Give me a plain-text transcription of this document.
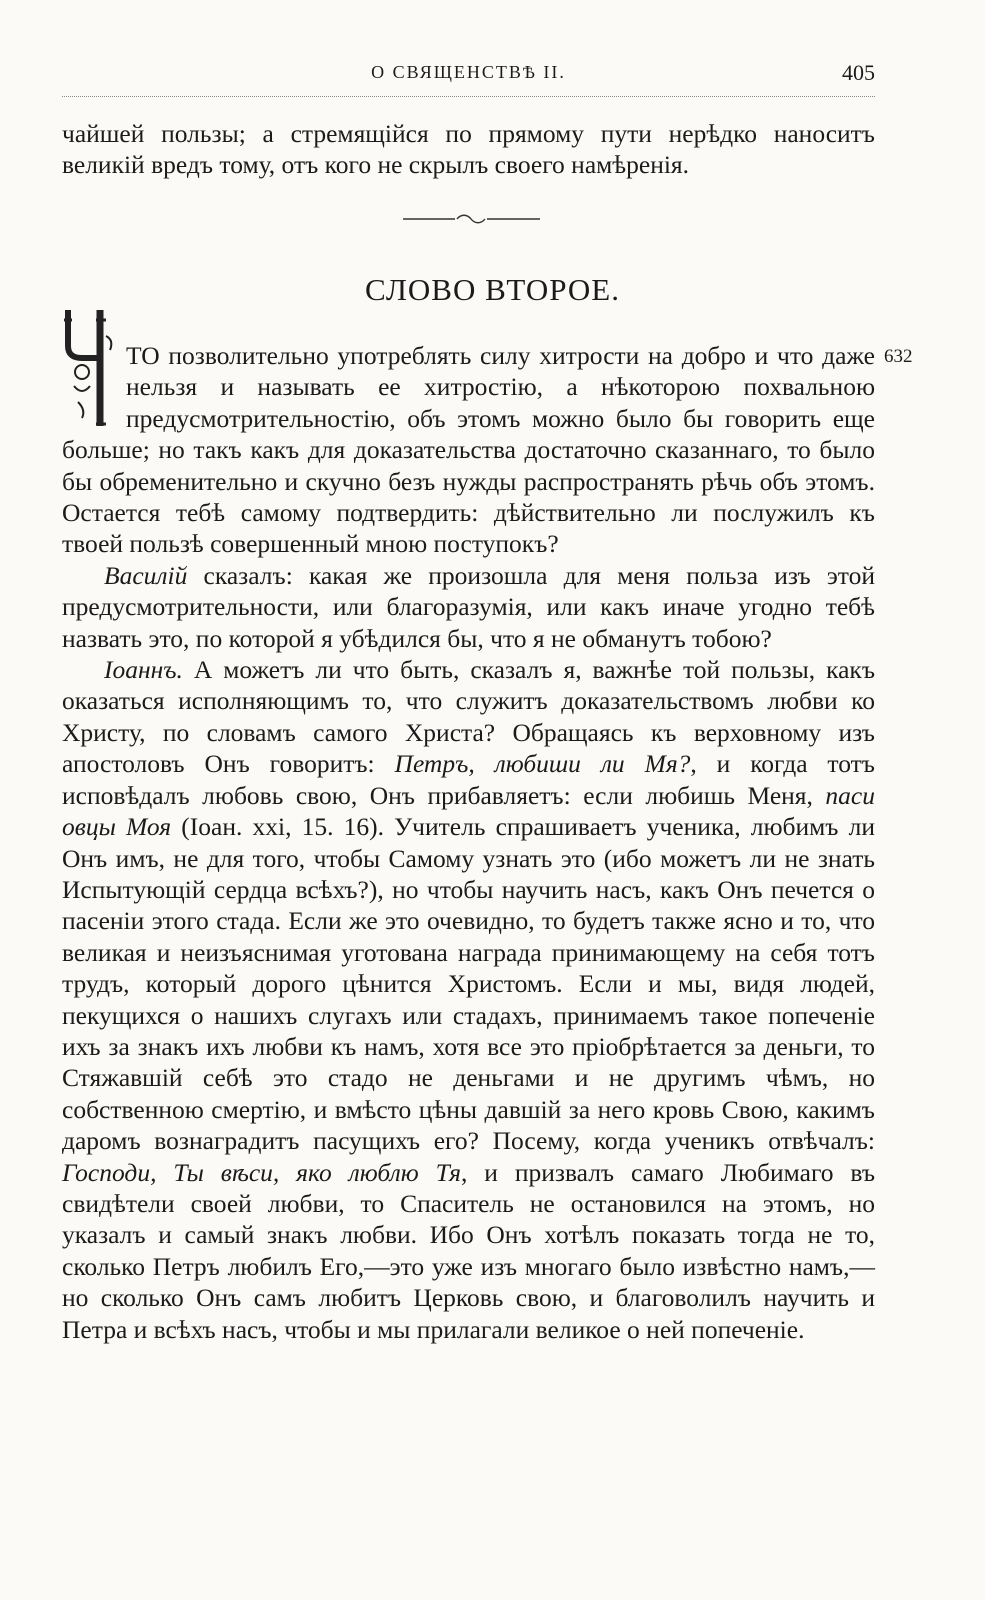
О СВЯЩЕНСТВѢ II.	405

чайшей пользы; а стремящійся по прямому пути нерѣдко наноситъ великій вредъ тому, отъ кого не скрылъ своего намѣренія.

СЛОВО ВТОРОЕ.
632

ТО позволительно употреблять силу хитрости на добро и что даже нельзя и называть ее хитростію, а нѣкоторою похвальною предусмотрительностію, объ этомъ можно было бы говорить еще больше; но такъ какъ для доказательства достаточно сказаннаго, то было бы обременительно и скучно безъ нужды распространять рѣчь объ этомъ. Остается тебѣ самому подтвердить: дѣйствительно ли послужилъ къ твоей пользѣ совершенный мною поступокъ?

Василій сказалъ: какая же произошла для меня польза изъ этой предусмотрительности, или благоразумія, или какъ иначе угодно тебѣ назвать это, по которой я убѣдился бы, что я не обманутъ тобою?

Іоаннъ. А можетъ ли что быть, сказалъ я, важнѣе той пользы, какъ оказаться исполняющимъ то, что служитъ доказательствомъ любви ко Христу, по словамъ самого Христа? Обращаясь къ верховному изъ апостоловъ Онъ говоритъ: Петръ, любиши ли Мя?, и когда тотъ исповѣдалъ любовь свою, Онъ прибавляетъ: если любишь Меня, паси овцы Моя (Іоан. xxi, 15. 16). Учитель спрашиваетъ ученика, любимъ ли Онъ имъ, не для того, чтобы Самому узнать это (ибо можетъ ли не знать Испытующій сердца всѣхъ?), но чтобы научить насъ, какъ Онъ печется о пасеніи этого стада. Если же это очевидно, то будетъ также ясно и то, что великая и неизъяснимая уготована награда принимающему на себя тотъ трудъ, который дорого цѣнится Христомъ. Если и мы, видя людей, пекущихся о нашихъ слугахъ или стадахъ, принимаемъ такое попеченіе ихъ за знакъ ихъ любви къ намъ, хотя все это пріобрѣтается за деньги, то Стяжавшій себѣ это стадо не деньгами и не другимъ чѣмъ, но собственною смертію, и вмѣсто цѣны давшій за него кровь Свою, какимъ даромъ вознаградитъ пасущихъ его? Посему, когда ученикъ отвѣчалъ: Господи, Ты вѣси, яко люблю Тя, и призвалъ самаго Любимаго въ свидѣтели своей любви, то Спаситель не остановился на этомъ, но указалъ и самый знакъ любви. Ибо Онъ хотѣлъ показать тогда не то, сколько Петръ любилъ Его,—это уже изъ многаго было извѣстно намъ,—но сколько Онъ самъ любитъ Церковь свою, и благоволилъ научить и Петра и всѣхъ насъ, чтобы и мы прилагали великое о ней попеченіе.
